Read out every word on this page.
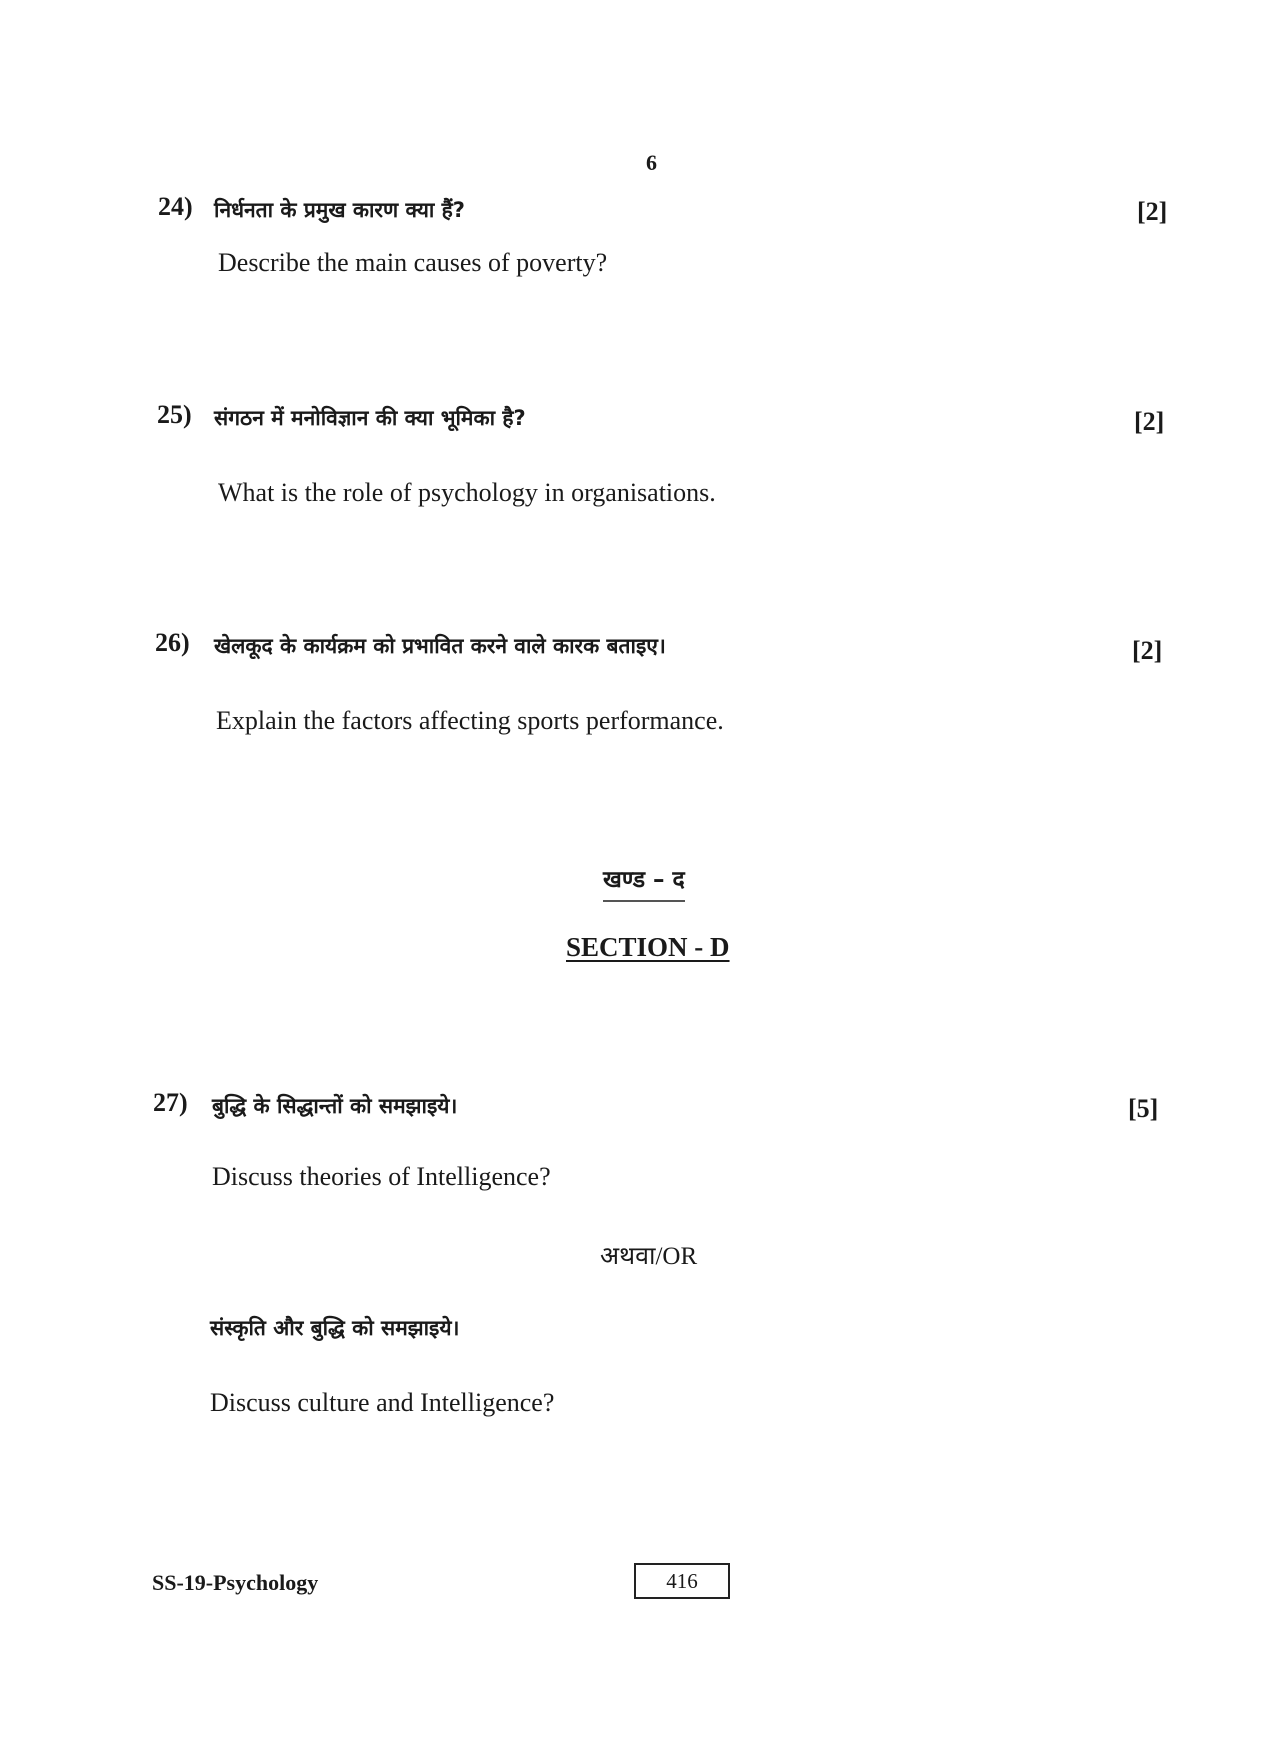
6
24) निर्धनता के प्रमुख कारण क्या हैं?	[2]
Describe the main causes of poverty?
25) संगठन में मनोविज्ञान की क्या भूमिका है?	[2]
What is the role of psychology in organisations.
26) खेलकूद के कार्यक्रम को प्रभावित करने वाले कारक बताइए।	[2]
Explain the factors affecting sports performance.
खण्ड – द
SECTION - D
27) बुद्धि के सिद्धान्तों को समझाइये।	[5]
Discuss theories of Intelligence?
अथवा/OR
संस्कृति और बुद्धि को समझाइये।
Discuss culture and Intelligence?
SS-19-Psychology	416
